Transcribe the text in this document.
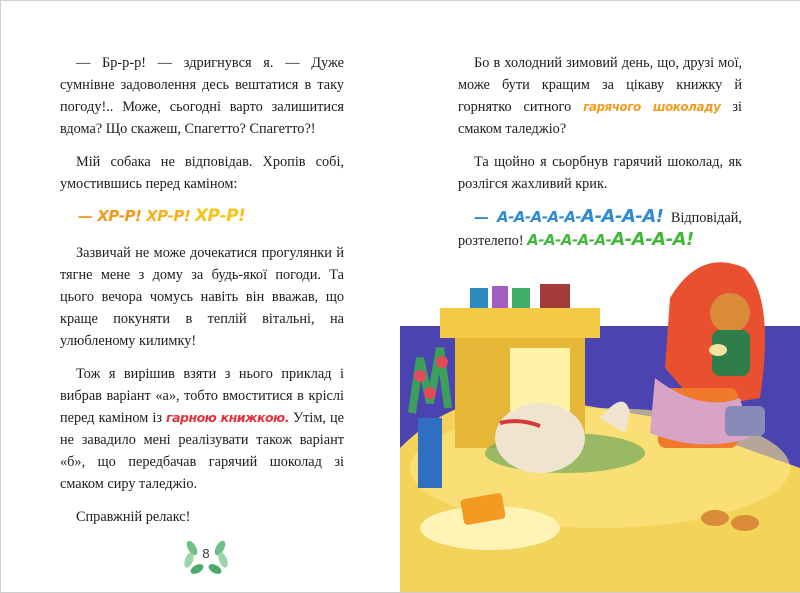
— Бр-р-р! — здригнувся я. — Дуже сумнівне задоволення десь вештатися в таку погоду!.. Може, сьогодні варто залишитися вдома? Що скажеш, Спагетто? Спагетто?!

Мій собака не відповідав. Хропів собі, умостившись перед каміном:

— ХР-Р! ХР-Р! ХР-Р!

Зазвичай не може дочекатися прогулянки й тягне мене з дому за будь-якої погоди. Та цього вечора чомусь навіть він вважав, що краще покуняти в теплій вітальні, на улюбленому килимку!

Тож я вирішив взяти з нього приклад і вибрав варіант «а», тобто вмоститися в кріслі перед каміном із гарною книжкою. Утім, це не завадило мені реалізувати також варіант «б», що передбачав гарячий шоколад зі смаком сиру таледжіо.

Справжній релакс!

8

Бо в холодний зимовий день, що, друзі мої, може бути кращим за цікаву книжку й горнятко ситного гарячого шоколаду зі смаком таледжіо?

Та щойно я сьорбнув гарячий шоколад, як розлігся жахливий крик.

— А-А-А-А-А-А-А-А-А! Відповідай, розтелепо! А-А-А-А-А-А-А-А-А!
